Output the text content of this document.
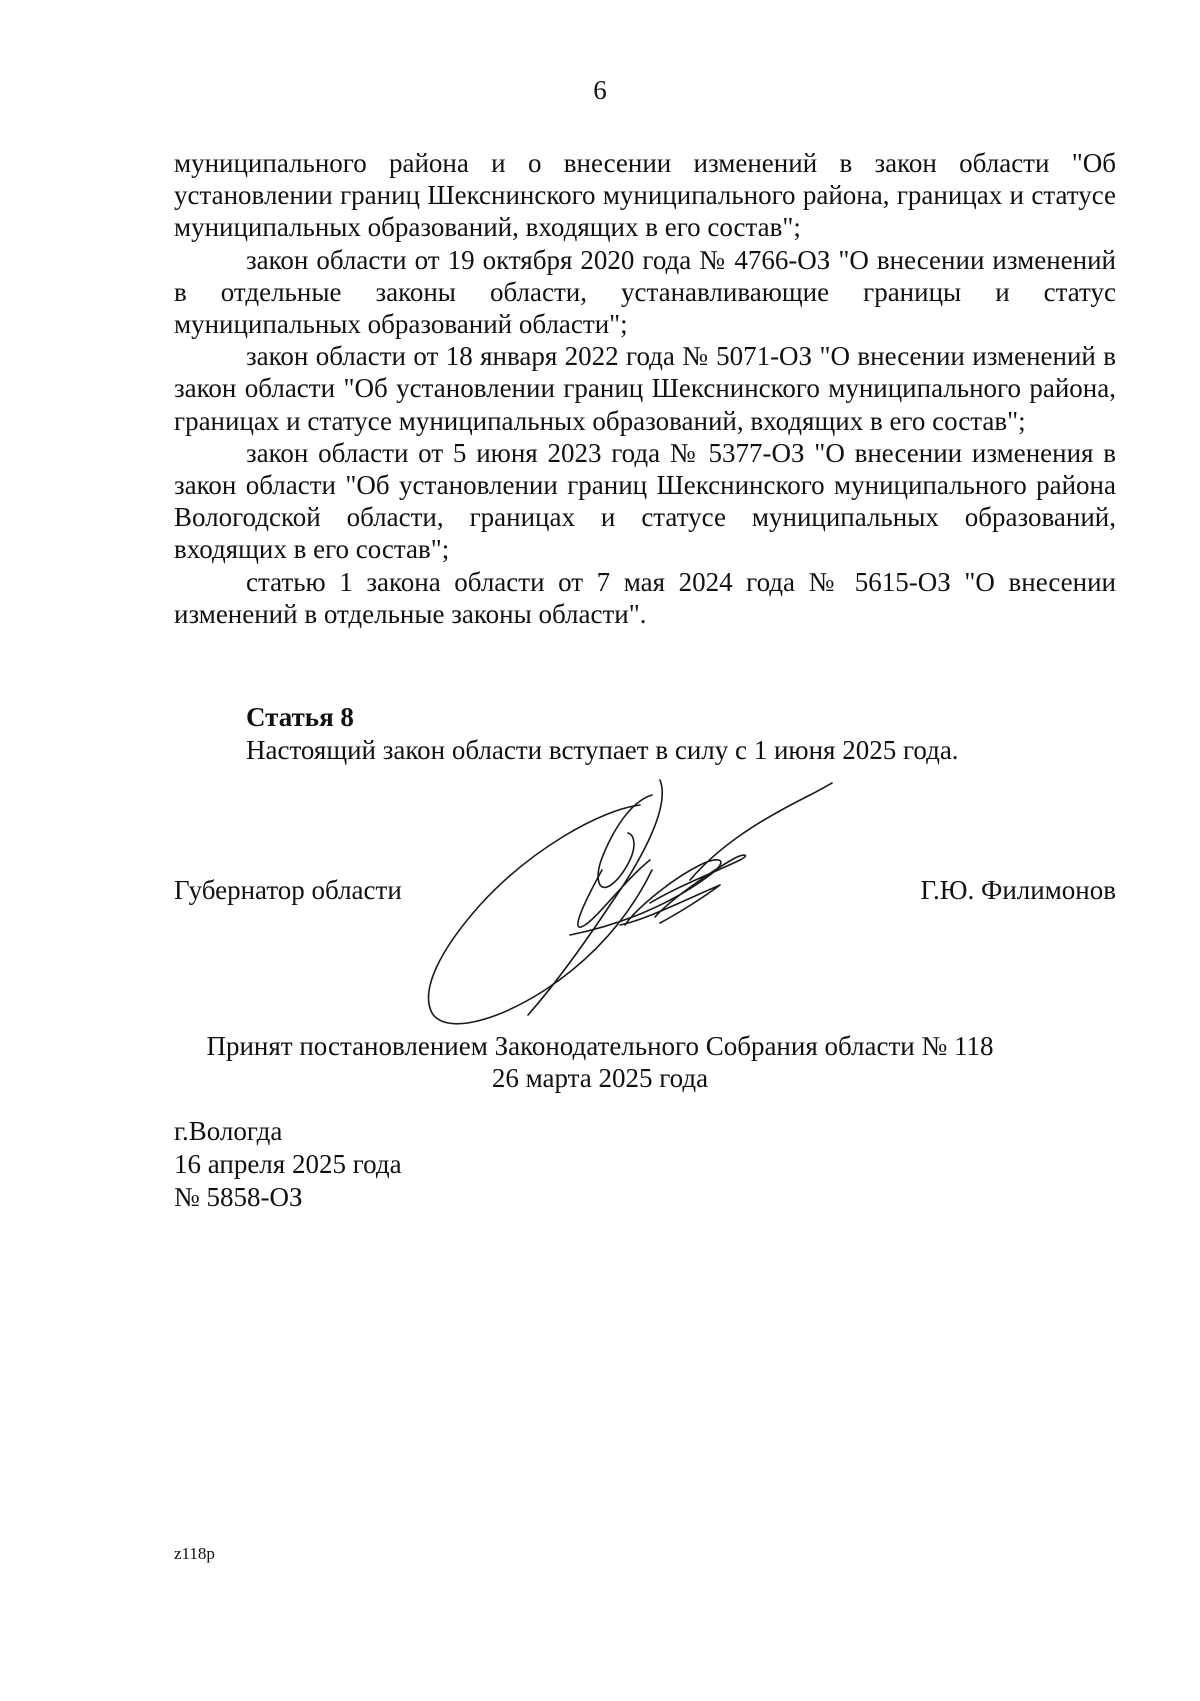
6

муниципального района и о внесении изменений в закон области "Об установлении границ Шекснинского муниципального района, границах и статусе муниципальных образований, входящих в его состав";

закон области от 19 октября 2020 года № 4766-ОЗ "О внесении изменений в отдельные законы области, устанавливающие границы и статус муниципальных образований области";

закон области от 18 января 2022 года № 5071-ОЗ "О внесении изменений в закон области "Об установлении границ Шекснинского муниципального района, границах и статусе муниципальных образований, входящих в его состав";

закон области от 5 июня 2023 года № 5377-ОЗ "О внесении изменения в закон области "Об установлении границ Шекснинского муниципального района Вологодской области, границах и статусе муниципальных образований, входящих в его состав";

статью 1 закона области от 7 мая 2024 года № 5615-ОЗ "О внесении изменений в отдельные законы области".

Статья 8
Настоящий закон области вступает в силу с 1 июня 2025 года.
Губернатор области	Г.Ю. Филимонов
Принят постановлением Законодательного Собрания области № 118
26 марта 2025 года
г.Вологда
16 апреля 2025 года
№ 5858-ОЗ
z118p
